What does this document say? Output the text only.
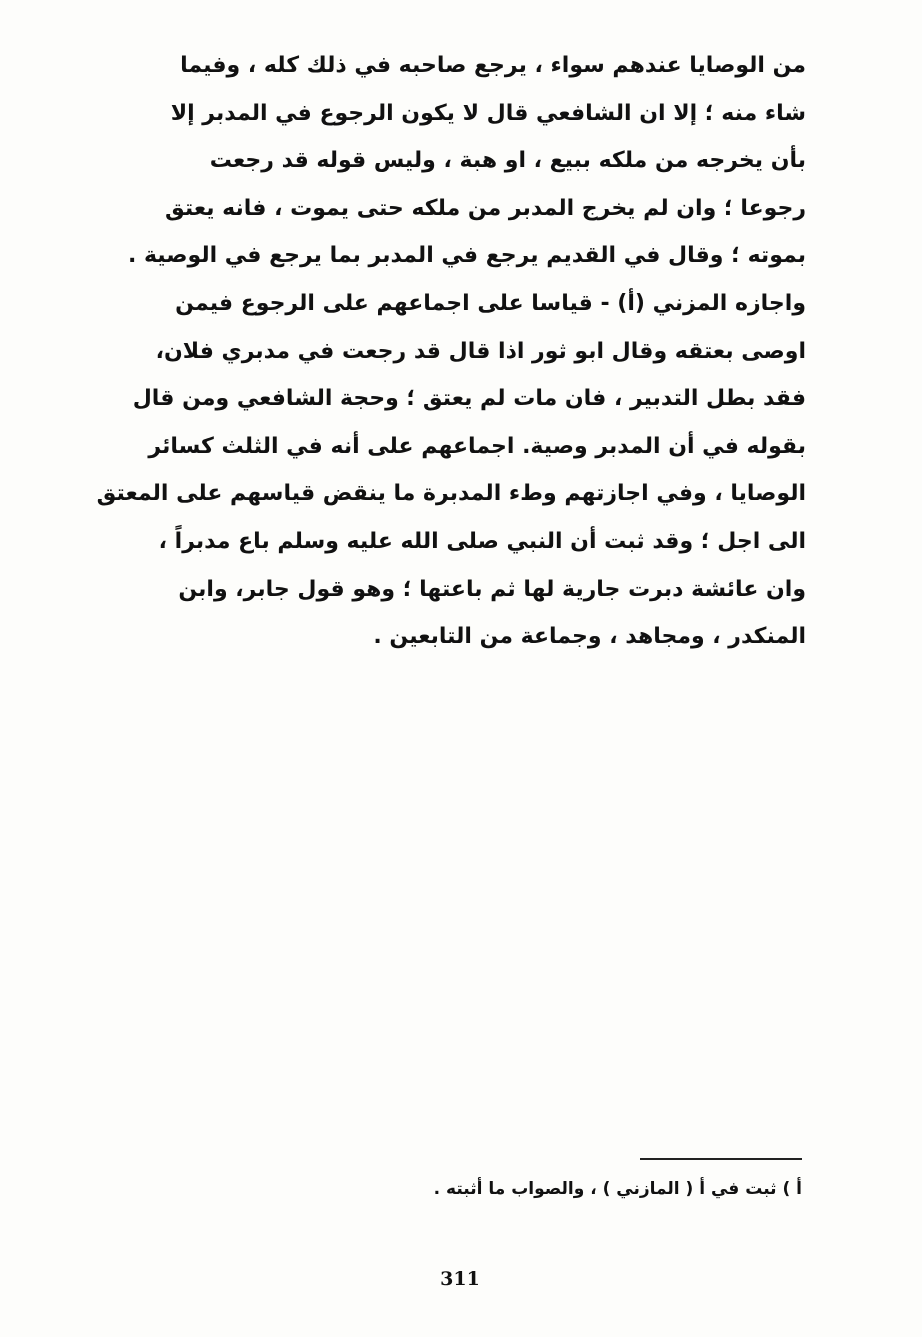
من الوصايا عندهم سواء ، يرجع صاحبه في ذلك كله ، وفيما
شاء منه ؛ إلا ان الشافعي قال لا يكون الرجوع في المدبر إلا
بأن يخرجه من ملكه ببيع ، او هبة ، وليس قوله قد رجعت
رجوعا ؛ وان لم يخرج المدبر من ملكه حتى يموت ، فانه يعتق
بموته ؛ وقال في القديم يرجع في المدبر بما يرجع في الوصية .
واجازه المزني (أ) - قياسا على اجماعهم على الرجوع فيمن
اوصى بعتقه وقال ابو ثور اذا قال قد رجعت في مدبري فلان،
فقد بطل التدبير ، فان مات لم يعتق ؛ وحجة الشافعي ومن قال
بقوله في أن المدبر وصية. اجماعهم على أنه في الثلث كسائر
الوصايا ، وفي اجازتهم وطء المدبرة ما ينقض قياسهم على المعتق
الى اجل ؛ وقد ثبت أن النبي صلى الله عليه وسلم باع مدبراً ،
وان عائشة دبرت جارية لها ثم باعتها ؛ وهو قول جابر، وابن
المنكدر ، ومجاهد ، وجماعة من التابعين .
أ ) ثبت في أ ( المازني ) ، والصواب ما أثبته .
311
